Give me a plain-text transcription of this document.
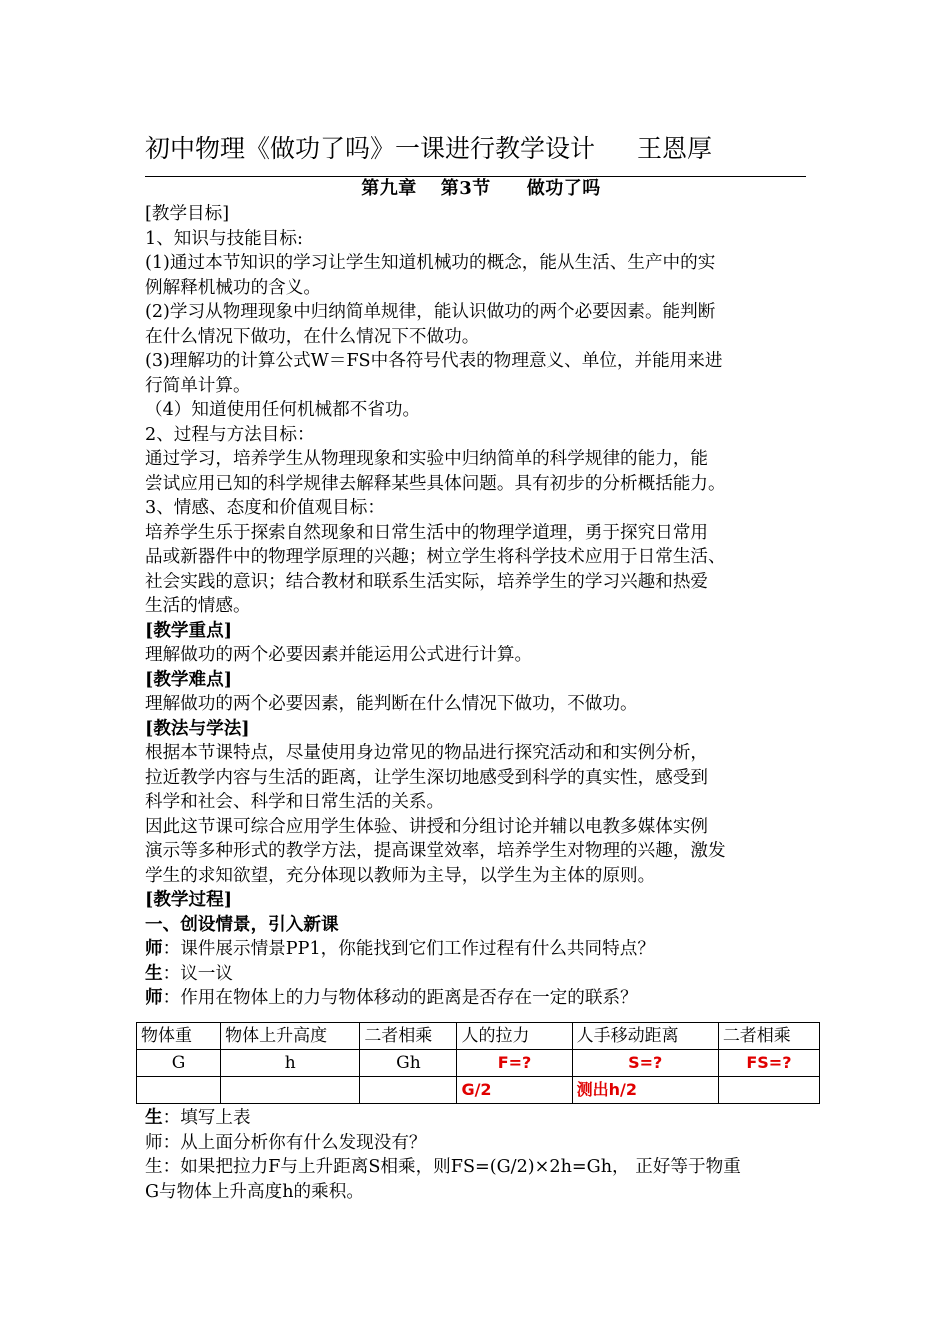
初中物理《做功了吗》一课进行教学设计 王恩厚

第九章 第3节 做功了吗

[教学目标]

1、知识与技能目标:

(1)通过本节知识的学习让学生知道机械功的概念，能从生活、生产中的实

例解释机械功的含义。

(2)学习从物理现象中归纳简单规律，能认识做功的两个必要因素。能判断

在什么情况下做功，在什么情况下不做功。

(3)理解功的计算公式W＝FS中各符号代表的物理意义、单位，并能用来进

行简单计算。

（4）知道使用任何机械都不省功。

2、过程与方法目标：

通过学习，培养学生从物理现象和实验中归纳简单的科学规律的能力，能

尝试应用已知的科学规律去解释某些具体问题。具有初步的分析概括能力。

3、情感、态度和价值观目标：

培养学生乐于探索自然现象和日常生活中的物理学道理，勇于探究日常用

品或新器件中的物理学原理的兴趣；树立学生将科学技术应用于日常生活、

社会实践的意识；结合教材和联系生活实际，培养学生的学习兴趣和热爱

生活的情感。

[教学重点]

理解做功的两个必要因素并能运用公式进行计算。

[教学难点]

理解做功的两个必要因素，能判断在什么情况下做功，不做功。

[教法与学法]

根据本节课特点，尽量使用身边常见的物品进行探究活动和和实例分析，

拉近教学内容与生活的距离，让学生深切地感受到科学的真实性，感受到

科学和社会、科学和日常生活的关系。

因此这节课可综合应用学生体验、讲授和分组讨论并辅以电教多媒体实例

演示等多种形式的教学方法，提高课堂效率，培养学生对物理的兴趣，激发

学生的求知欲望，充分体现以教师为主导，以学生为主体的原则。

[教学过程]

一、创设情景，引入新课

师：课件展示情景PP1，你能找到它们工作过程有什么共同特点？

生：议一议

师：作用在物体上的力与物体移动的距离是否存在一定的联系？

物体重	物体上升高度	二者相乘	人的拉力	人手移动距离	二者相乘
G	h	Gh	F=?	S=?	FS=?
			G/2	测出h/2	

生：填写上表

师：从上面分析你有什么发现没有？

生：如果把拉力F与上升距离S相乘，则FS=(G/2)×2h=Gh， 正好等于物重

G与物体上升高度h的乘积。
